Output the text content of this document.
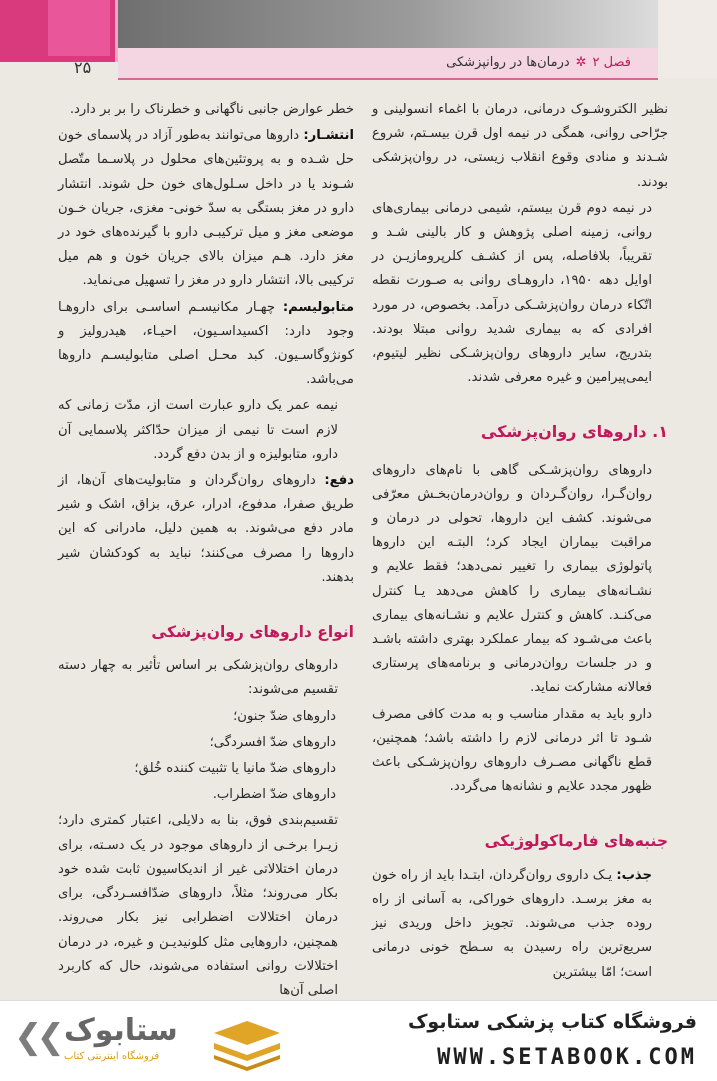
۲۵	فصل ۲✲درمان‌ها در روانپزشکی

نظیر الکتروشـوک درمانی، درمان با اغماء انسولینی و جرّاحی روانی، همگی در نیمه اول قرن بیسـتم، شروع شـدند و منادی وقوع انقلاب زیستی، در روان‌پزشکی بودند.

در نیمه دوم قرن بیستم، شیمی درمانی بیماری‌های روانی، زمینه اصلی پژوهش و کار بالینی شـد و تقریباً، بلافاصله، پس از کشـف کلرپرومازیـن در اوایل دهه ۱۹۵۰، داروهـای روانی به صـورت نقطه اتّکاء درمان روان‌پزشـکی درآمد. بخصوص، در مورد افرادی که به بیماری شدید روانی مبتلا بودند. بتدریج، سایر داروهای روان‌پزشـکی نظیر لیتیوم، ایمی‌پیرامین و غیره معرفی شدند.

۱. داروهای روان‌پزشکی

داروهای روان‌پزشـکی گاهی با نام‌های داروهای روان‌گـرا، روان‌گـردان و روان‌درمان‌بخـش معرّفی می‌شوند. کشف این داروها، تحولی در درمان و مراقبت بیماران ایجاد کرد؛ البتـه این داروها پاتولوژی بیماری را تغییر نمی‌دهد؛ فقط علایم و نشـانه‌های بیماری را کاهش می‌دهد یـا کنترل می‌کنـد. کاهش و کنترل علایم و نشـانه‌های بیماری باعث می‌شـود که بیمار عملکرد بهتری داشته باشـد و در جلسات روان‌درمانی و برنامه‌های پرستاری فعالانه مشارکت نماید.

دارو باید به مقدار مناسب و به مدت کافی مصرف شـود تا اثر درمانی لازم را داشته باشد؛ همچنین، قطع ناگهانی مصـرف داروهای روان‌پزشـکی باعث ظهور مجدد علایم و نشانه‌ها می‌گردد.

جنبه‌های فارماکولوژیکی

جذب: یـک داروی روان‌گردان، ابتـدا باید از راه خون به مغز برسـد. داروهای خوراکی، به آسانی از راه روده جذب می‌شوند. تجویز داخل وریدی نیز سریع‌ترین راه رسیدن به سـطح خونی درمانی است؛ امّا بیشترین

خطر عوارض جانبی ناگهانی و خطرناک را بر بر دارد.

انتشـار: داروها می‌توانند به‌طور آزاد در پلاسمای خون حل شـده و به پروتئین‌های محلول در پلاسـما متّصل شـوند یا در داخل سـلول‌های خون حل شوند. انتشار دارو در مغز بستگی به سدّ خونی- مغزی، جریان خـون موضعی مغز و میل ترکیبـی دارو با گیرنده‌های خود در مغز دارد. هـم میزان بالای جریان خون و هم میل ترکیبی بالا، انتشار دارو در مغز را تسهیل می‌نماید.

متابولیسم: چهـار مکانیسـم اساسـی برای داروهـا وجود دارد: اکسیداسـیون، احیـاء، هیدرولیز و کونژوگاسـیون. کبد محـل اصلی متابولیسـم داروها می‌باشد.

نیمه عمر یک دارو عبارت است از، مدّت زمانی که لازم است تا نیمی از میزان حدّاکثر پلاسمایی آن دارو، متابولیزه و از بدن دفع گردد.

دفع: داروهای روان‌گردان و متابولیت‌های آن‌ها، از طریق صفرا، مدفوع، ادرار، عرق، بزاق، اشک و شیر مادر دفع می‌شوند. به همین دلیل، مادرانی که این داروها را مصرف می‌کنند؛ نباید به کودکشان شیر بدهند.

انواع داروهای روان‌پزشکی

داروهای روان‌پزشکی بر اساس تأثیر به چهار دسته تقسیم می‌شوند:

داروهای ضدّ جنون؛

داروهای ضدّ افسردگی؛

داروهای ضدّ مانیا یا تثبیت کننده خُلق؛

داروهای ضدّ اضطراب.

تقسیم‌بندی فوق، بنا به دلایلی، اعتبار کمتری دارد؛ زیـرا برخـی از داروهای موجود در یک دسـته، برای درمان اختلالاتی غیر از اندیکاسیون ثابت شده خود بکار می‌روند؛ مثلاً، داروهای ضدّافسـردگی، برای درمان اختلالات اضطرابی نیز بکار می‌روند. همچنین، داروهایی مثل کلونیدیـن و غیره، در درمان اختلالات روانی استفاده می‌شوند، حال که کاربرد اصلی آن‌ها

❮❮ ستابوک
فروشگاه اینترنتی کتاب
فروشگاه کتاب پزشکی ستابوک
WWW.SETABOOK.COM
